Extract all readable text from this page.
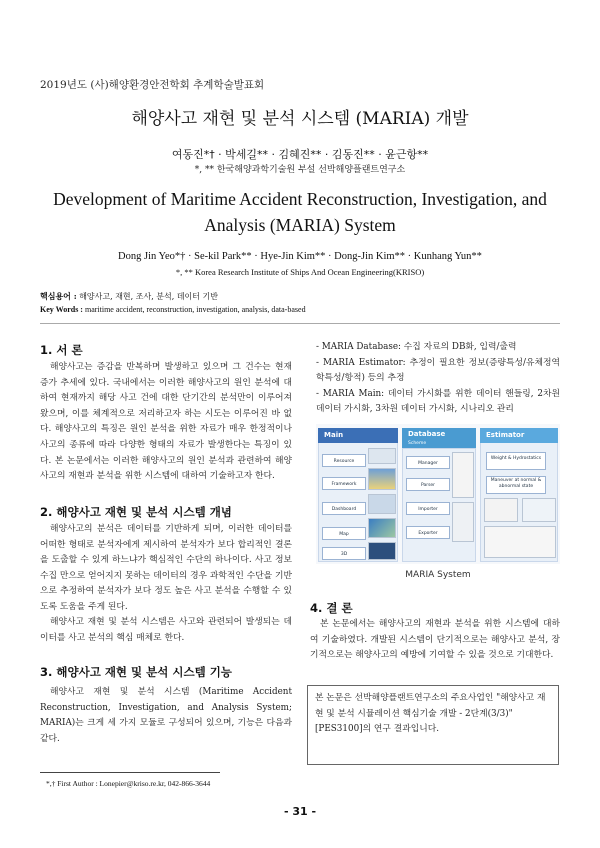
2019년도 (사)해양환경안전학회 추계학술발표회
해양사고 재현 및 분석 시스템 (MARIA) 개발
여동진*† · 박세길** · 김혜진** · 김동진** · 윤근항**
*, ** 한국해양과학기술원 부설 선박해양플랜트연구소
Development of Maritime Accident Reconstruction, Investigation, and Analysis (MARIA) System
Dong Jin Yeo*† · Se-kil Park** · Hye-Jin Kim** · Dong-Jin Kim** · Kunhang Yun**
*, ** Korea Research Institute of Ships And Ocean Engineering(KRISO)
핵심용어 : 해양사고, 재현, 조사, 분석, 데이터 기반
Key Words : maritime accident, reconstruction, investigation, analysis, data-based
1. 서 론
해양사고는 증감을 반복하며 발생하고 있으며 그 건수는 현재 증가 추세에 있다. 국내에서는 이러한 해양사고의 원인 분석에 대하여 현재까지 해당 사고 건에 대한 단기간의 분석만이 이루어져 왔으며, 이를 체계적으로 저리하고자 하는 시도는 이루어진 바 없다. 해양사고의 특징은 원인 분석을 위한 자료가 매우 한정적이나 사고의 종류에 따라 다양한 형태의 자료가 발생한다는 특징이 있다. 본 논문에서는 이러한 해양사고의 원인 분석과 관련하여 해양사고의 재현과 분석을 위한 시스템에 대하여 기술하고자 한다.
2. 해양사고 재현 및 분석 시스템 개념
해양사고의 분석은 데이터를 기반하게 되며, 이러한 데이터를 어떠한 형태로 분석자에게 제시하여 분석자가 보다 합리적인 결론을 도출할 수 있게 하느냐가 핵심적인 수단의 하나이다. 사고 정보 수집 만으로 얻어지지 못하는 데이터의 경우 과학적인 수단을 기반으로 추정하여 분석자가 보다 정도 높은 사고 분석을 수행할 수 있도록 도움을 주게 된다.
해양사고 재현 및 분석 시스템은 사고와 관련되어 발생되는 데이터를 사고 분석의 핵심 매체로 한다.
3. 해양사고 재현 및 분석 시스템 기능
해양사고 재현 및 분석 시스템 (Maritime Accident Reconstruction, Investigation, and Analysis System; MARIA)는 크게 세 가지 모듈로 구성되어 있으며, 기능은 다음과 같다.
- MARIA Database: 수집 자료의 DB화, 입력/출력
- MARIA Estimator: 추정이 필요한 정보(증량특성/유체정역학특성/항적) 등의 추정
- MARIA Main: 데이터 가시화를 위한 데이터 핸들링, 2차원 데이터 가시화, 3차원 데이터 가시화, 시나리오 관리
Main
Resource
Framework
Dashboard
Map
3D
Database
Scheme
Manager
Parser
Importer
Exporter
Estimator
Weight & Hydrostatics
Maneuver at normal & abnormal state
MARIA System
4. 결 론
본 논문에서는 해양사고의 재현과 분석을 위한 시스템에 대하여 기술하였다. 개발된 시스템이 단기적으로는 해양사고 분석, 장기적으로는 해양사고의 예방에 기여할 수 있을 것으로 기대한다.
본 논문은 선박해양플랜트연구소의 주요사업인 "해양사고 재현 및 분석 시뮬레이션 핵심기술 개발 - 2단계(3/3)" [PES3100]의 연구 결과입니다.
*,† First Author : Lonepier@kriso.re.kr, 042-866-3644
- 31 -
